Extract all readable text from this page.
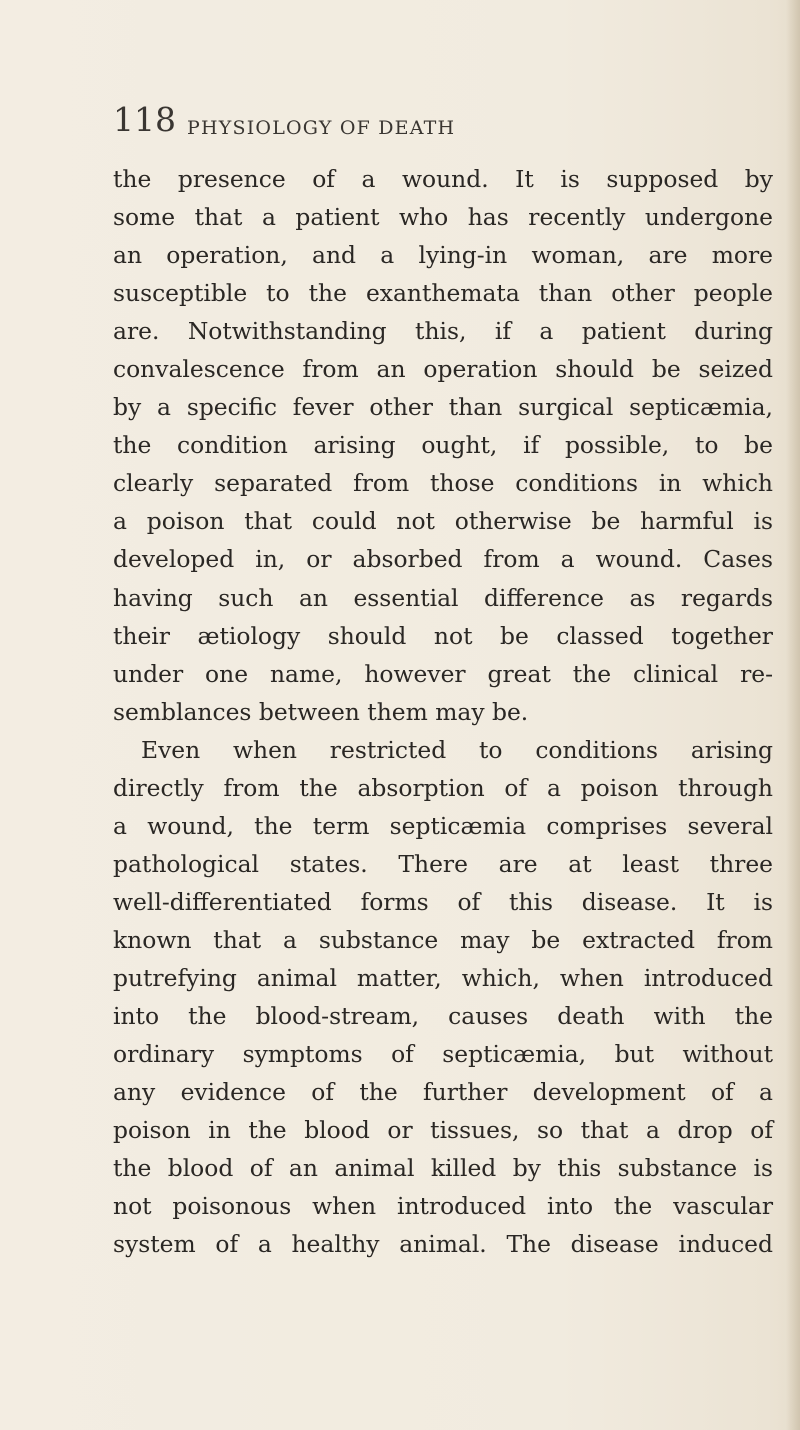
118 PHYSIOLOGY OF DEATH
the presence of a wound. It is supposed by
some that a patient who has recently undergone
an operation, and a lying-in woman, are more
susceptible to the exanthemata than other people
are. Notwithstanding this, if a patient during
convalescence from an operation should be seized
by a specific fever other than surgical septicæmia,
the condition arising ought, if possible, to be
clearly separated from those conditions in which
a poison that could not otherwise be harmful is
developed in, or absorbed from a wound. Cases
having such an essential difference as regards
their ætiology should not be classed together
under one name, however great the clinical re-
semblances between them may be.
Even when restricted to conditions arising
directly from the absorption of a poison through
a wound, the term septicæmia comprises several
pathological states. There are at least three
well-differentiated forms of this disease. It is
known that a substance may be extracted from
putrefying animal matter, which, when introduced
into the blood-stream, causes death with the
ordinary symptoms of septicæmia, but without
any evidence of the further development of a
poison in the blood or tissues, so that a drop of
the blood of an animal killed by this substance is
not poisonous when introduced into the vascular
system of a healthy animal. The disease induced
